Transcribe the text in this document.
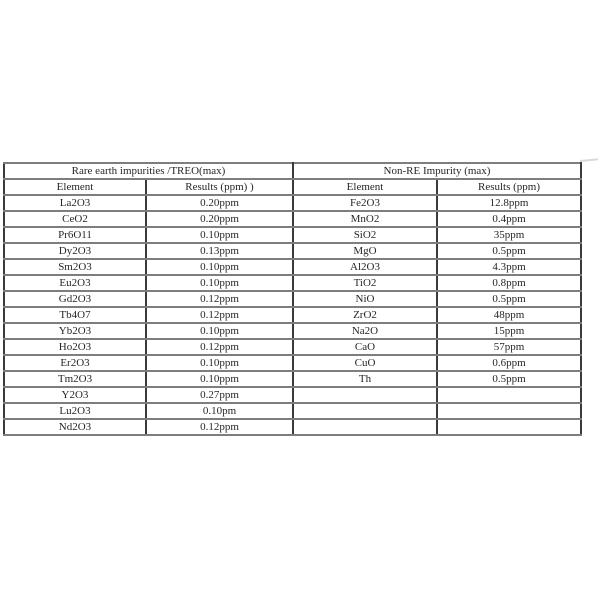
Rare earth impurities /TREO(max)		Non-RE Impurity (max)	
Element	Results (ppm) )	Element	Results (ppm)
La2O3	0.20ppm	Fe2O3	12.8ppm
CeO2	0.20ppm	MnO2	0.4ppm
Pr6O11	0.10ppm	SiO2	35ppm
Dy2O3	0.13ppm	MgO	0.5ppm
Sm2O3	0.10ppm	Al2O3	4.3ppm
Eu2O3	0.10ppm	TiO2	0.8ppm
Gd2O3	0.12ppm	NiO	0.5ppm
Tb4O7	0.12ppm	ZrO2	48ppm
Yb2O3	0.10ppm	Na2O	15ppm
Ho2O3	0.12ppm	CaO	57ppm
Er2O3	0.10ppm	CuO	0.6ppm
Tm2O3	0.10ppm	Th	0.5ppm
Y2O3	0.27ppm		
Lu2O3	0.10pm		
Nd2O3	0.12ppm		
